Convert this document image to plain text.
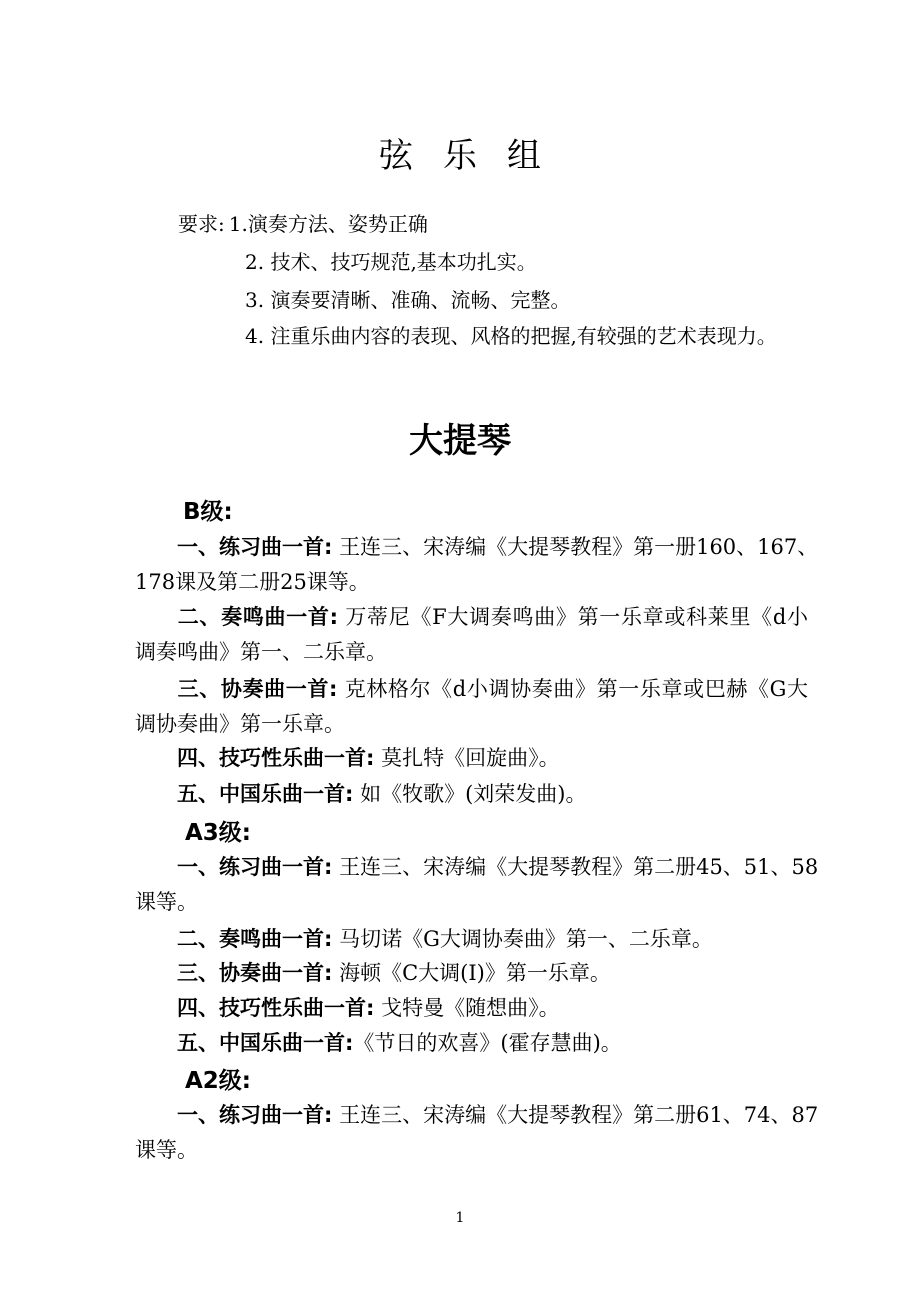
弦乐组
要求: 1.演奏方法、姿势正确
2. 技术、技巧规范,基本功扎实。
3. 演奏要清晰、准确、流畅、完整。
4. 注重乐曲内容的表现、风格的把握,有较强的艺术表现力。
大提琴
B级:
一、练习曲一首: 王连三、宋涛编《大提琴教程》第一册160、167、
178课及第二册25课等。
二、奏鸣曲一首: 万蒂尼《F大调奏鸣曲》第一乐章或科莱里《d小
调奏鸣曲》第一、二乐章。
三、协奏曲一首: 克林格尔《d小调协奏曲》第一乐章或巴赫《G大
调协奏曲》第一乐章。
四、技巧性乐曲一首: 莫扎特《回旋曲》。
五、中国乐曲一首: 如《牧歌》(刘荣发曲)。
A3级:
一、练习曲一首: 王连三、宋涛编《大提琴教程》第二册45、51、58
课等。
二、奏鸣曲一首: 马切诺《G大调协奏曲》第一、二乐章。
三、协奏曲一首: 海顿《C大调(Ⅰ)》第一乐章。
四、技巧性乐曲一首: 戈特曼《随想曲》。
五、中国乐曲一首:《节日的欢喜》(霍存慧曲)。
A2级:
一、练习曲一首: 王连三、宋涛编《大提琴教程》第二册61、74、87
课等。
1
